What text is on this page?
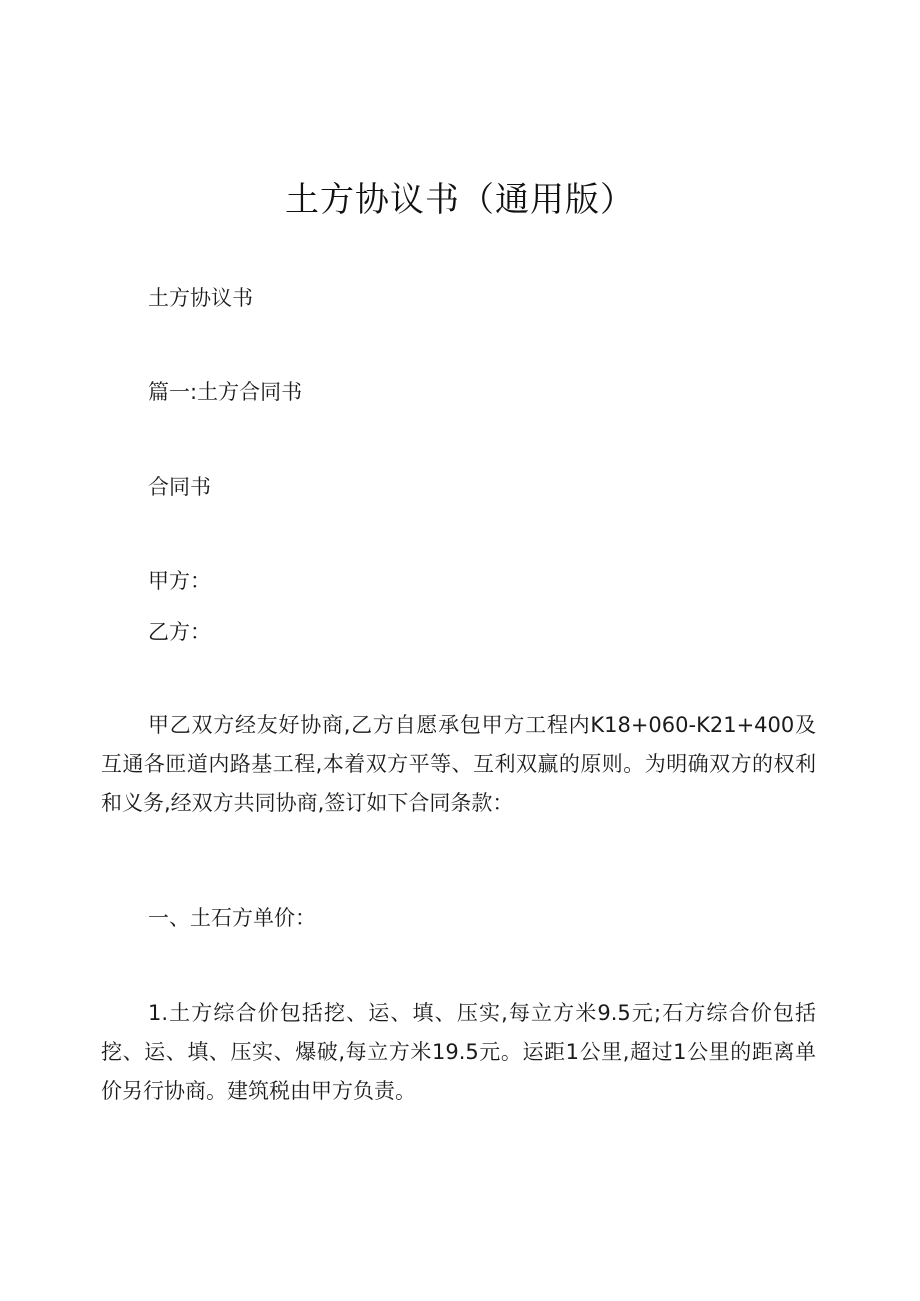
土方协议书（通用版）
土方协议书
篇一:土方合同书
合同书
甲方：
乙方：
甲乙双方经友好协商,乙方自愿承包甲方工程内K18+060-K21+400及互通各匝道内路基工程,本着双方平等、互利双赢的原则。为明确双方的权利和义务,经双方共同协商,签订如下合同条款：
一、土石方单价：
1.土方综合价包括挖、运、填、压实,每立方米9.5元;石方综合价包括挖、运、填、压实、爆破,每立方米19.5元。运距1公里,超过1公里的距离单价另行协商。建筑税由甲方负责。
